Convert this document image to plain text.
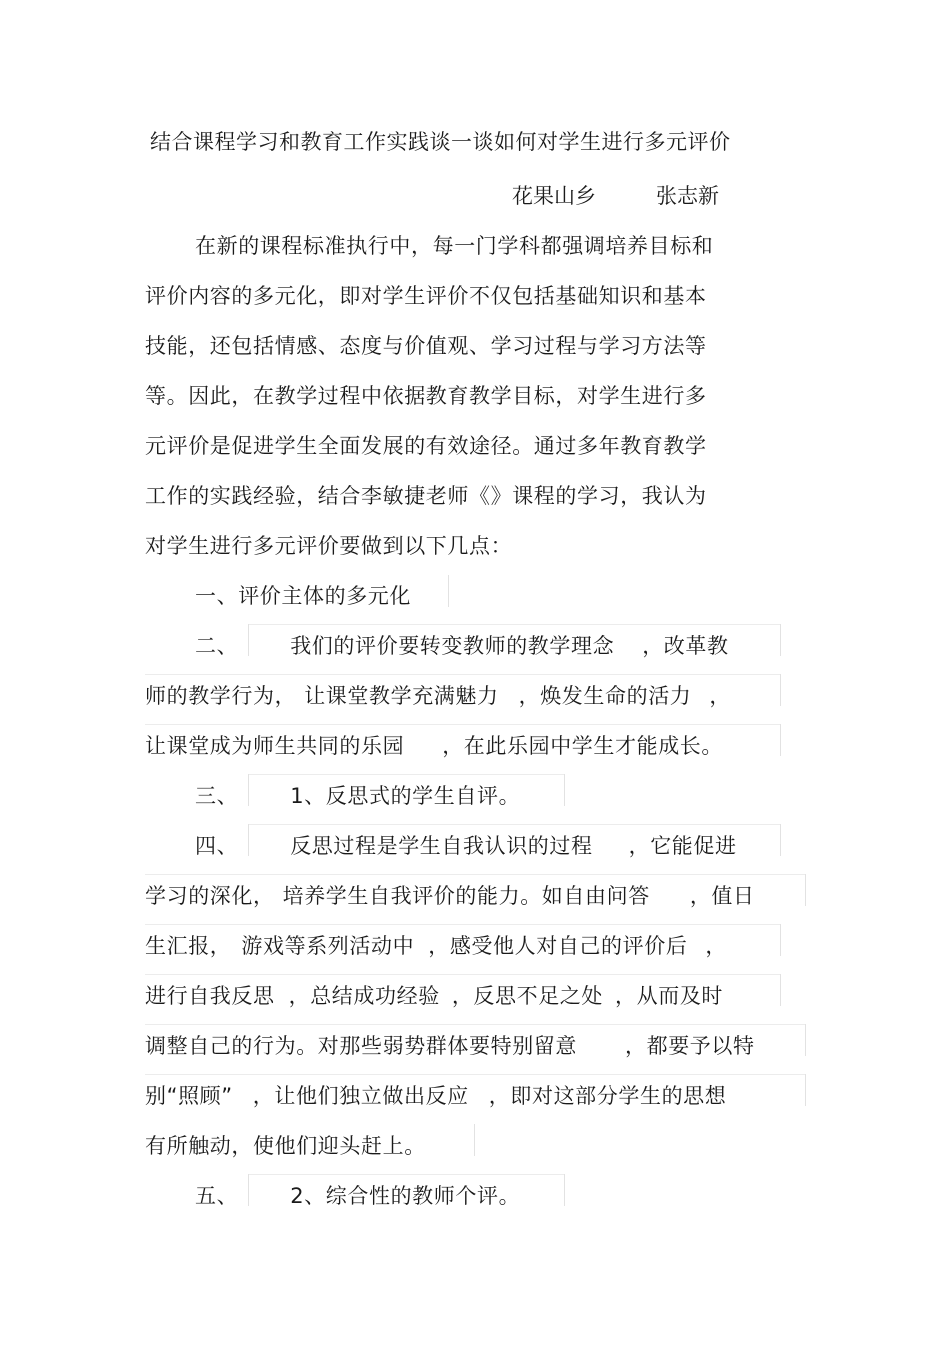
结合课程学习和教育工作实践谈一谈如何对学生进行多元评价
花果山乡	张志新
在新的课程标准执行中，每一门学科都强调培养目标和
评价内容的多元化，即对学生评价不仅包括基础知识和基本
技能，还包括情感、态度与价值观、学习过程与学习方法等
等。因此，在教学过程中依据教育教学目标，对学生进行多
元评价是促进学生全面发展的有效途径。通过多年教育教学
工作的实践经验，结合李敏捷老师《》课程的学习，我认为
对学生进行多元评价要做到以下几点：
一、评价主体的多元化
二、 我们的评价要转变教师的教学理念 ，改革教
师的教学行为， 让课堂教学充满魅力 ，焕发生命的活力 ，
让课堂成为师生共同的乐园 ，在此乐园中学生才能成长。
三、 1、反思式的学生自评。
四、 反思过程是学生自我认识的过程 ，它能促进
学习的深化， 培养学生自我评价的能力。如自由问答 ，值日
生汇报， 游戏等系列活动中 ，感受他人对自己的评价后 ，
进行自我反思 ，总结成功经验 ，反思不足之处 ，从而及时
调整自己的行为。对那些弱势群体要特别留意 ，都要予以特
别“照顾” ，让他们独立做出反应 ，即对这部分学生的思想
有所触动，使他们迎头赶上。
五、 2、综合性的教师个评。
